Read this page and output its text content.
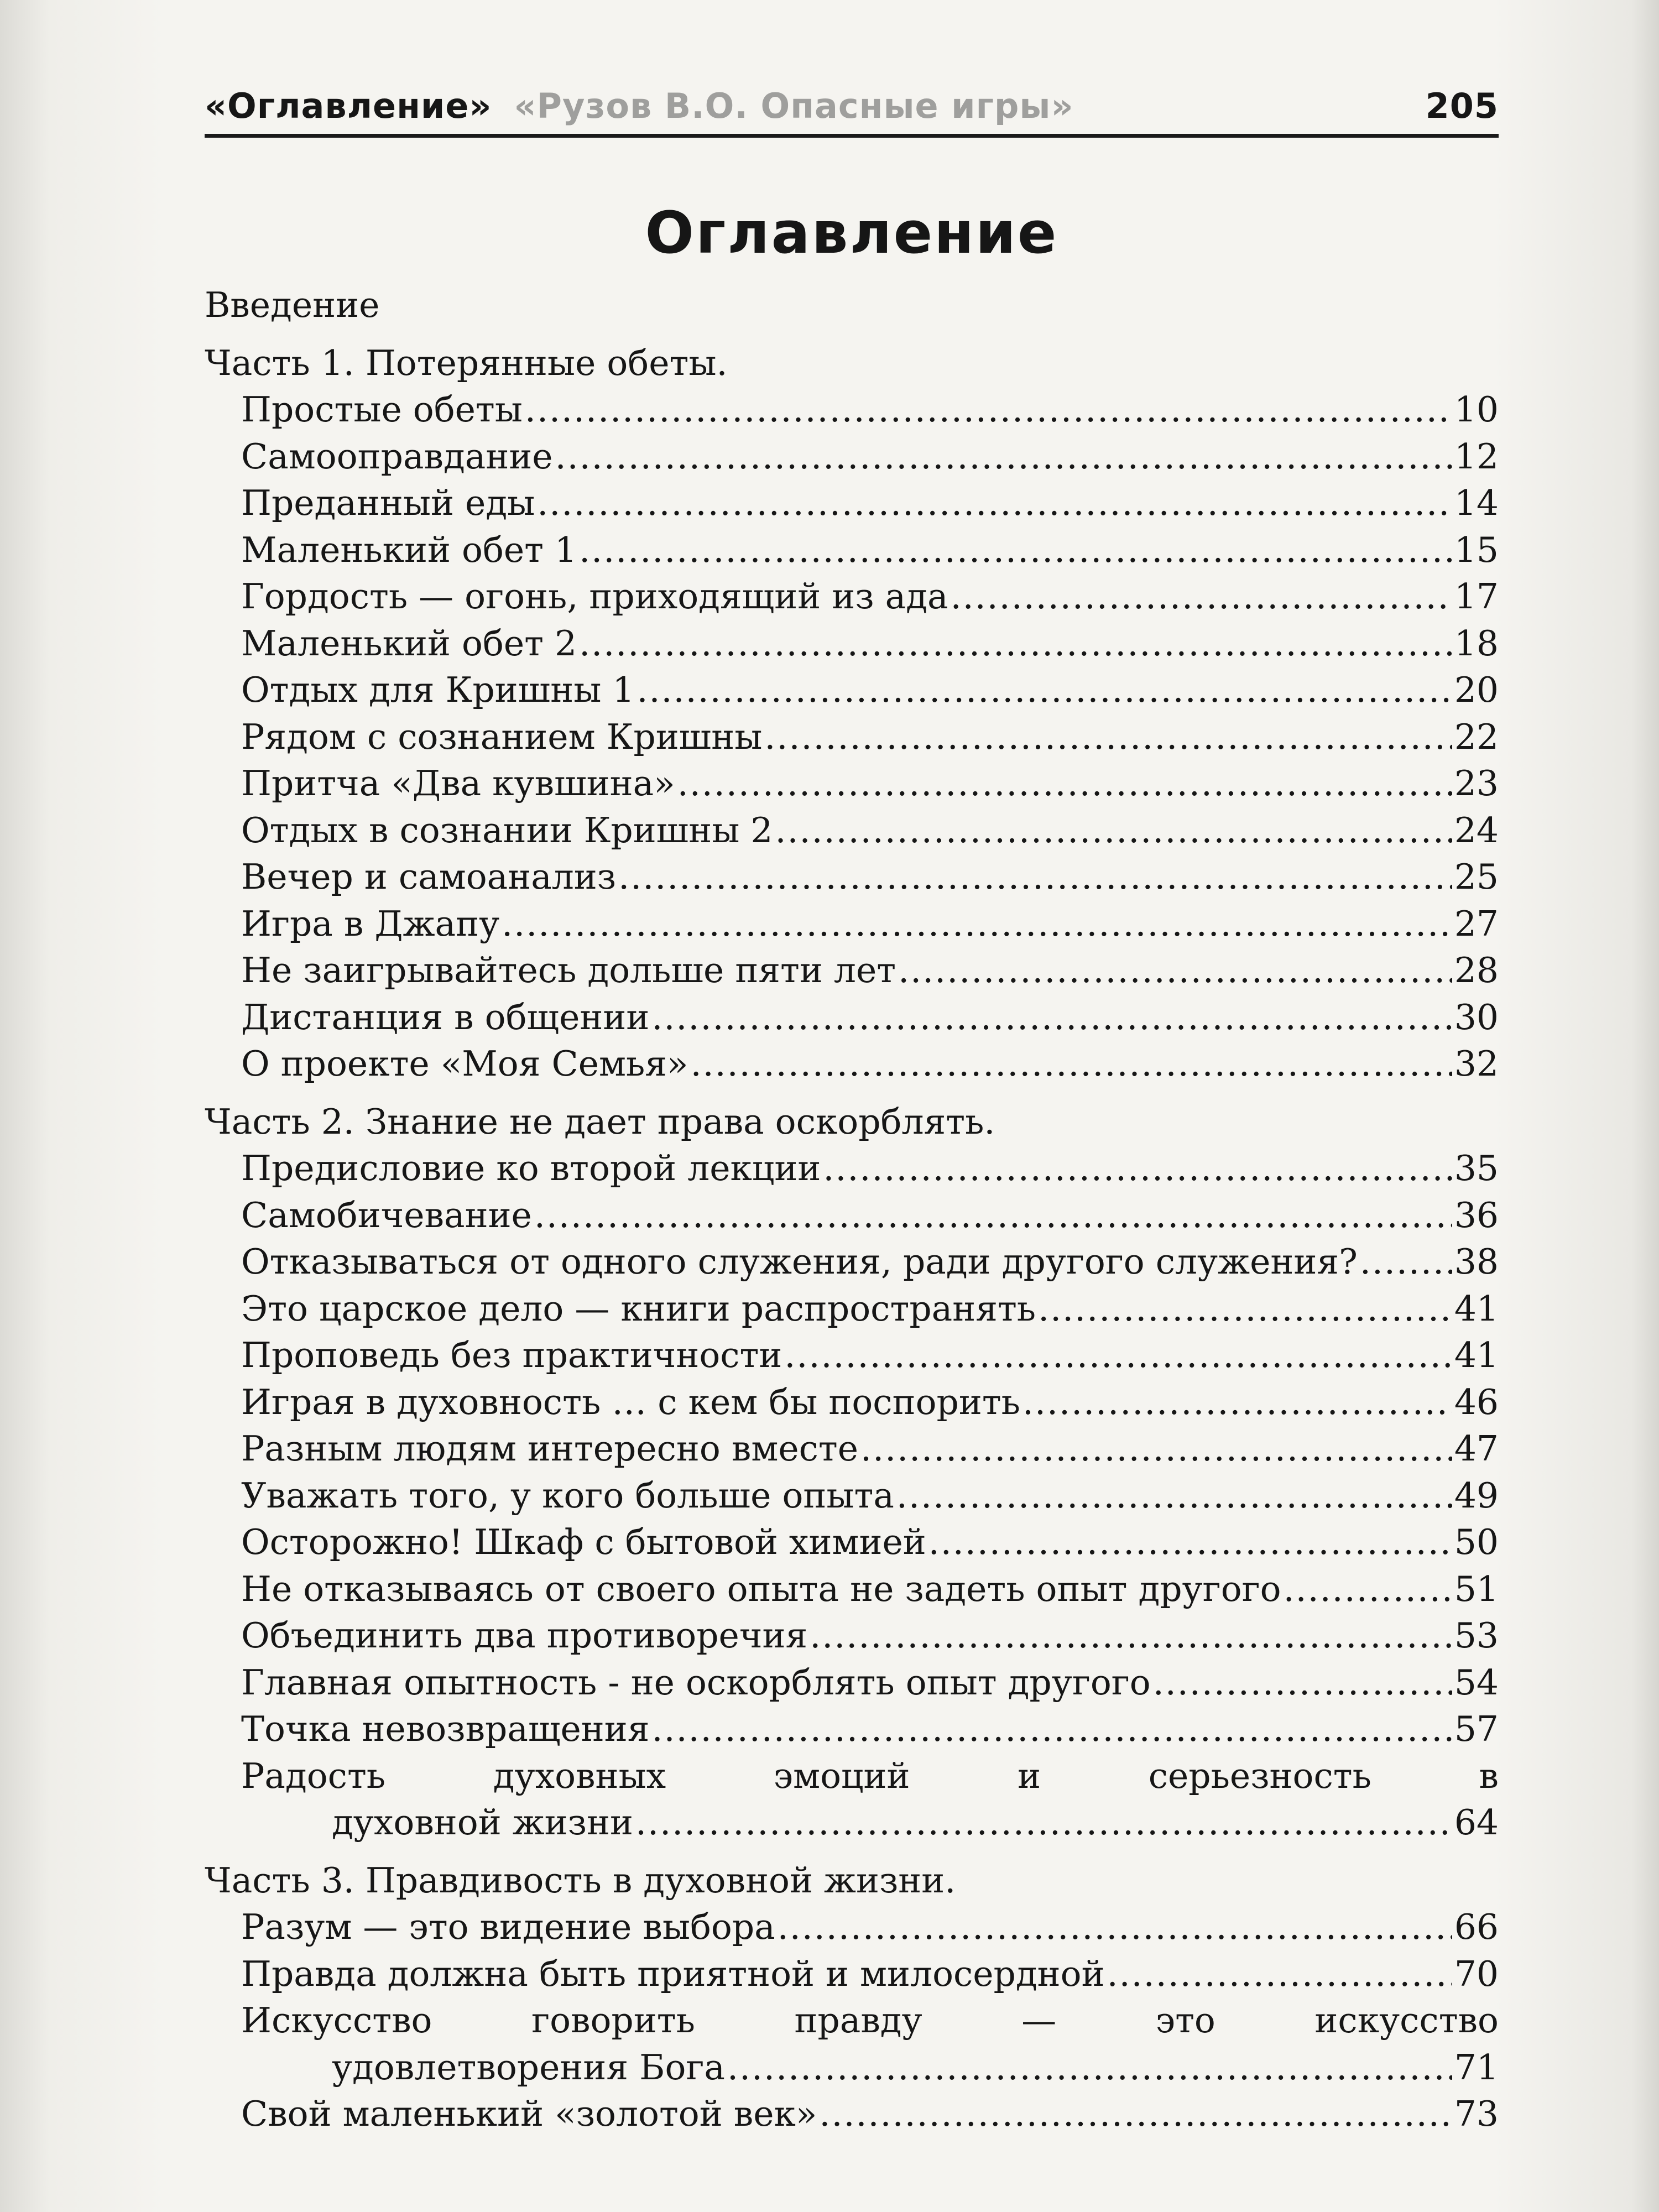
«Оглавление» «Рузов В.О. Опасные игры»	205
Оглавление
Введение
Часть 1. Потерянные обеты.
Простые обеты .....	10
Самооправдание .....	12
Преданный еды .....	14
Маленький обет 1 .....	15
Гордость — огонь, приходящий из ада .....	17
Маленький обет 2 .....	18
Отдых для Кришны 1 .....	20
Рядом с сознанием Кришны .....	22
Притча «Два кувшина» .....	23
Отдых в сознании Кришны 2 .....	24
Вечер и самоанализ .....	25
Игра в Джапу .....	27
Не заигрывайтесь дольше пяти лет .....	28
Дистанция в общении .....	30
О проекте «Моя Семья» .....	32
Часть 2. Знание не дает права оскорблять.
Предисловие ко второй лекции .....	35
Самобичевание .....	36
Отказываться от одного служения, ради другого служения? .....	38
Это царское дело — книги распространять .....	41
Проповедь без практичности .....	41
Играя в духовность … с кем бы поспорить .....	46
Разным людям интересно вместе .....	47
Уважать того, у кого больше опыта .....	49
Осторожно! Шкаф с бытовой химией .....	50
Не отказываясь от своего опыта не задеть опыт другого .....	51
Объединить два противоречия .....	53
Главная опытность - не оскорблять опыт другого .....	54
Точка невозвращения .....	57
Радость	духовных	эмоций	и	серьезность	в
духовной жизни .....	64
Часть 3. Правдивость в духовной жизни.
Разум — это видение выбора .....	66
Правда должна быть приятной и милосердной .....	70
Искусство	говорить	правду	—	это	искусство
удовлетворения Бога .....	71
Свой маленький «золотой век» .....	73
